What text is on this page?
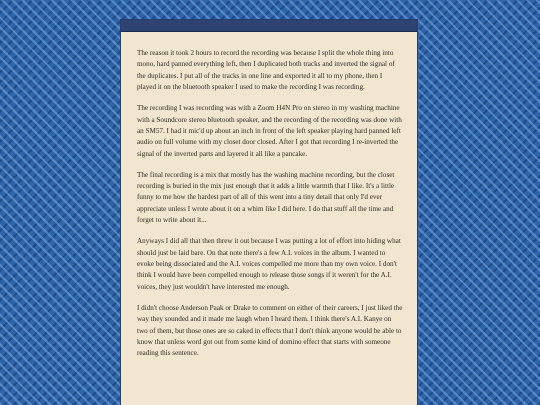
The reason it took 2 hours to record the recording was because I split the whole thing into mono, hard panned everything left, then I duplicated both tracks and inverted the signal of the duplicates. I put all of the tracks in one line and exported it all to my phone, then I played it on the bluetooth speaker I used to make the recording I was recording.

The recording I was recording was with a Zoom H4N Pro on stereo in my washing machine with a Soundcore stereo bluetooth speaker, and the recording of the recording was done with an SM57. I had it mic'd up about an inch in front of the left speaker playing hard panned left audio on full volume with my closet door closed. After I got that recording I re-inverted the signal of the inverted parts and layered it all like a pancake.

The final recording is a mix that mostly has the washing machine recording, but the closet recording is buried in the mix just enough that it adds a little warmth that I like. It's a little funny to me how the hardest part of all of this went into a tiny detail that only I'd ever appreciate unless I wrote about it on a whim like I did here. I do that stuff all the time and forget to write about it...

Anyways I did all that then threw it out because I was putting a lot of effort into hiding what should just be laid bare. On that note there's a few A.I. voices in the album. I wanted to evoke being dissociated and the A.I. voices compelled me more than my own voice. I don't think I would have been compelled enough to release those songs if it weren't for the A.I. voices, they just wouldn't have interested me enough.

I didn't choose Anderson Paak or Drake to comment on either of their careers, I just liked the way they sounded and it made me laugh when I heard them. I think there's A.I. Kanye on two of them, but those ones are so caked in effects that I don't think anyone would be able to know that unless word got out from some kind of domino effect that starts with someone reading this sentence.
